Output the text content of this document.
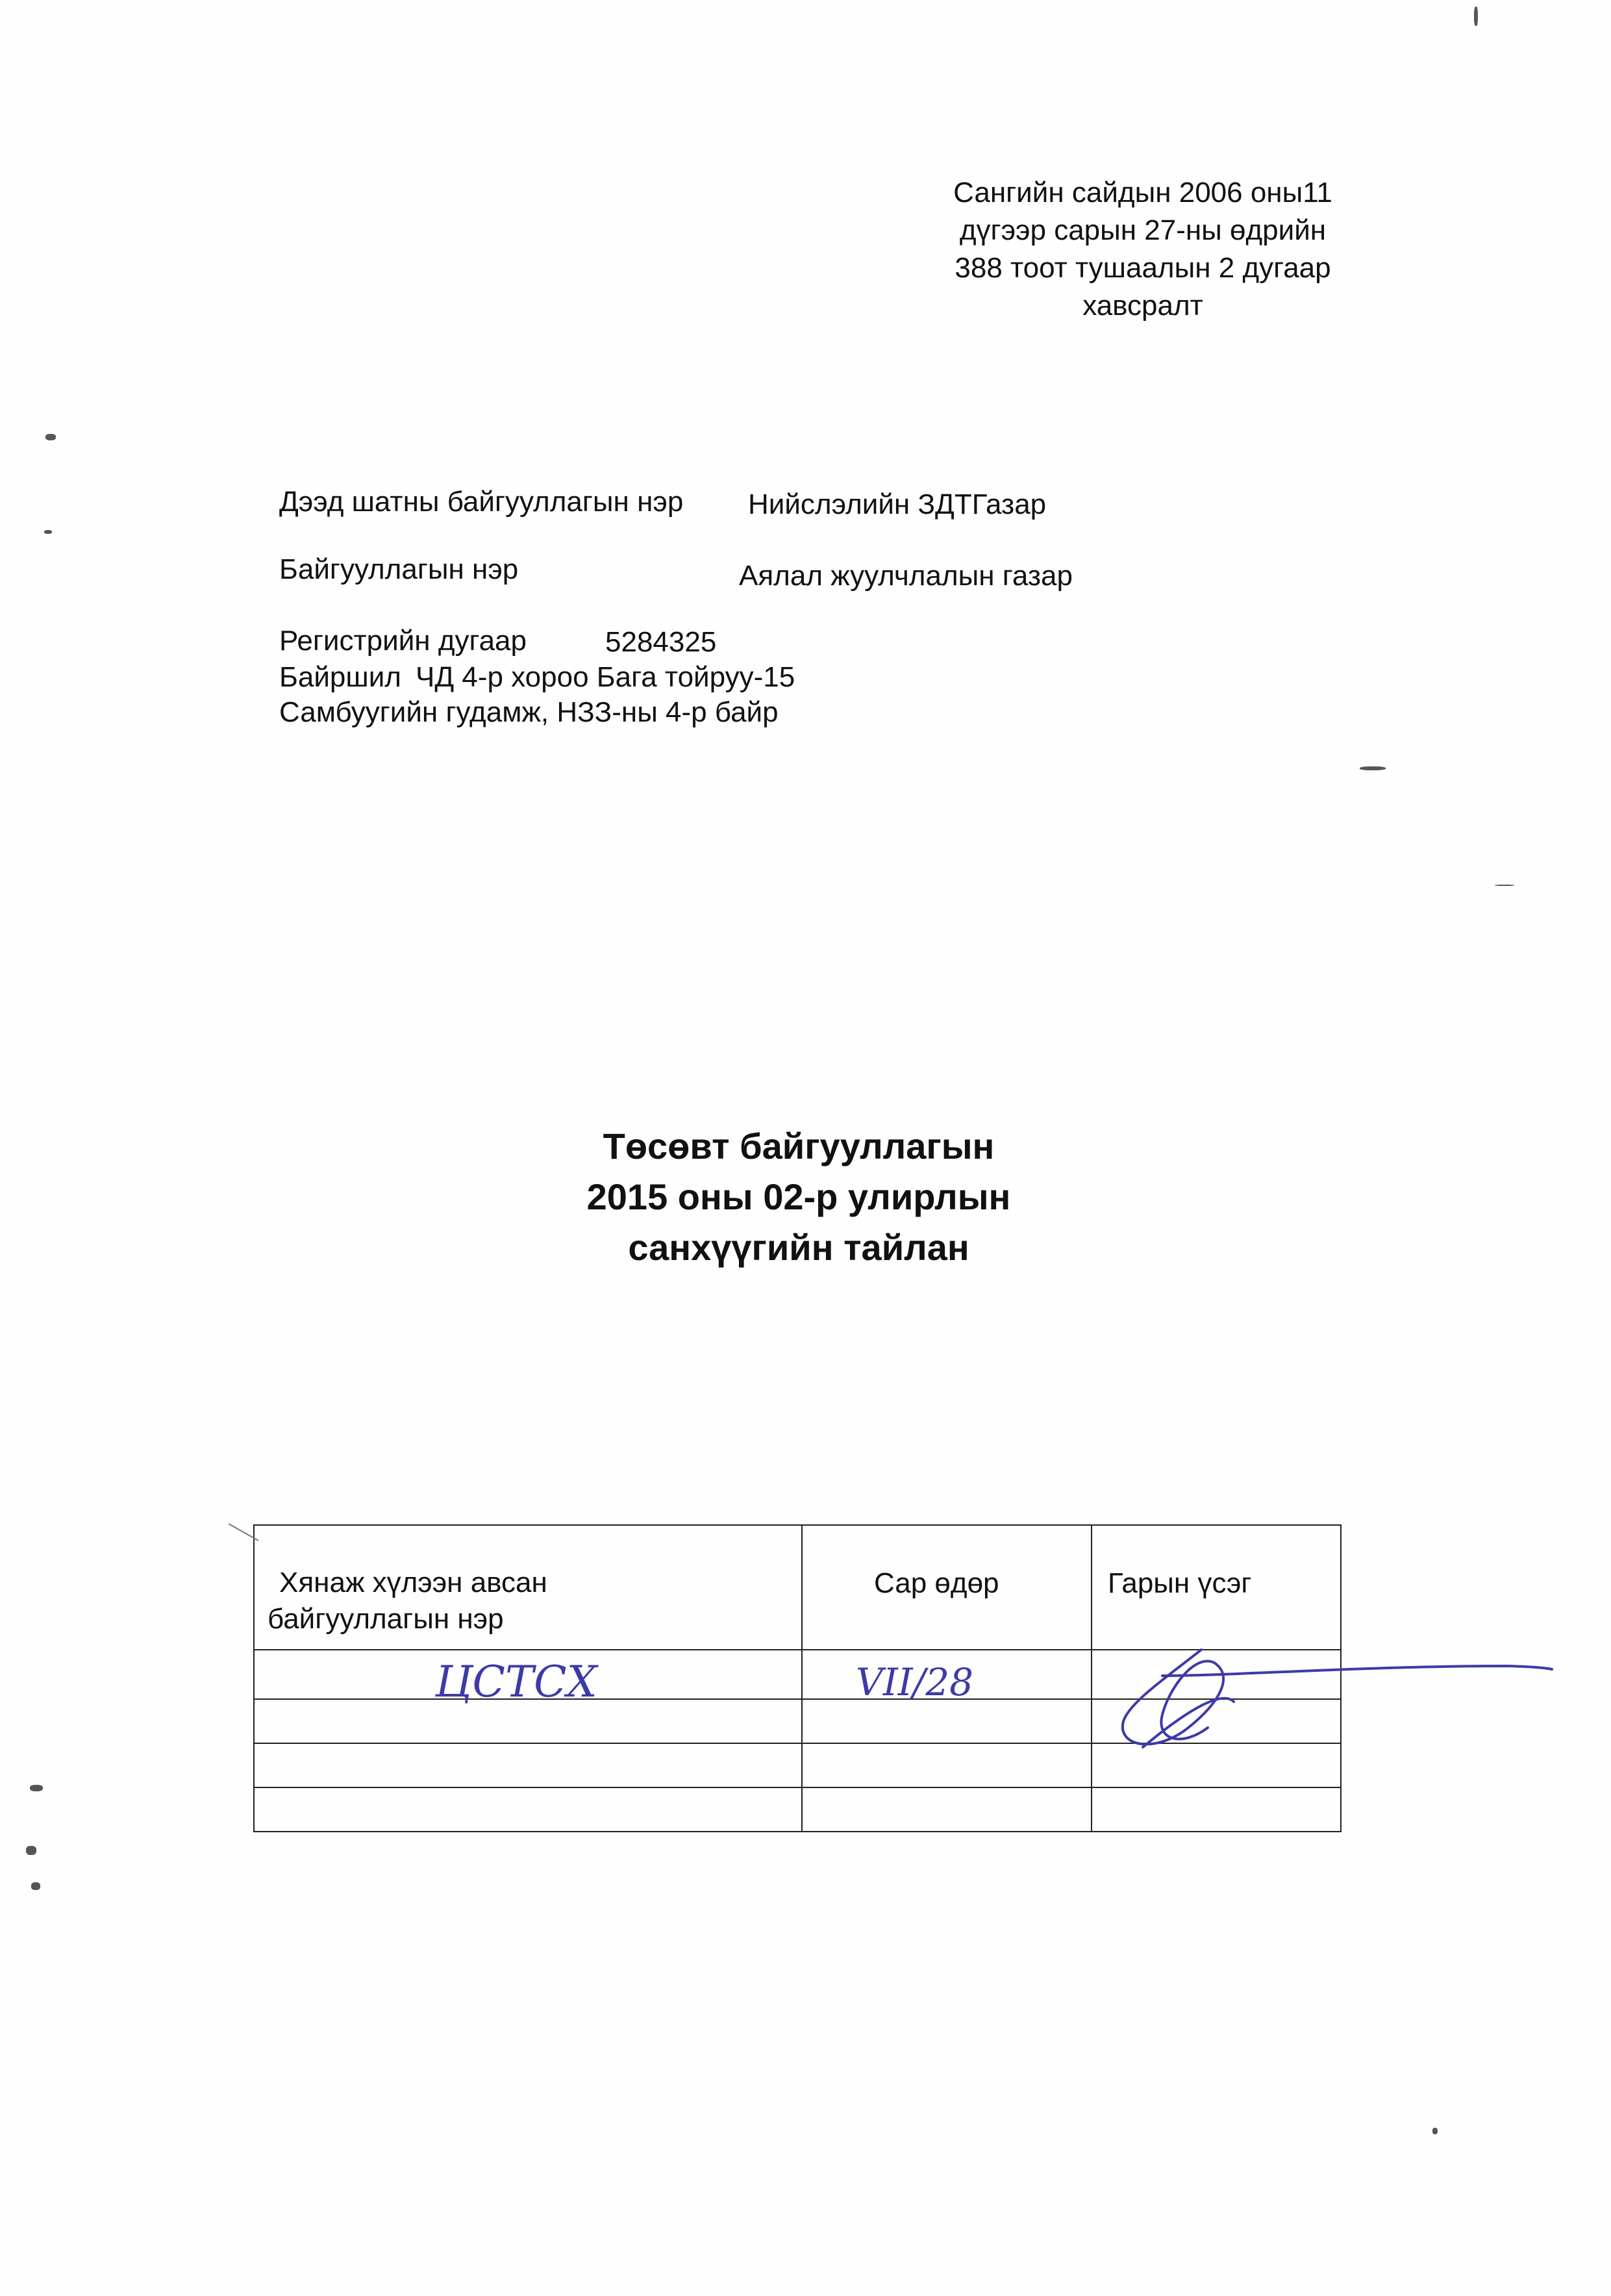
Сангийн сайдын 2006 оны11
дүгээр сарын 27-ны өдрийн
388 тоот тушаалын 2 дугаар
хавсралт
Дээд шатны байгууллагын нэр Нийслэлийн ЗДТГазар
Байгууллагын нэр	Аялал жуулчлалын газар
Регистрийн дугаар	5284325
Байршил ЧД 4-р хороо Бага тойруу-15
Самбуугийн гудамж, НЗЗ-ны 4-р байр
Төсөвт байгууллагын
2015 оны 02-р улирлын
санхүүгийн тайлан
Хянаж хүлээн авсан
байгууллагын нэр	Сар өдөр	Гарын үсэг

ЦСТСХ	VII/28
